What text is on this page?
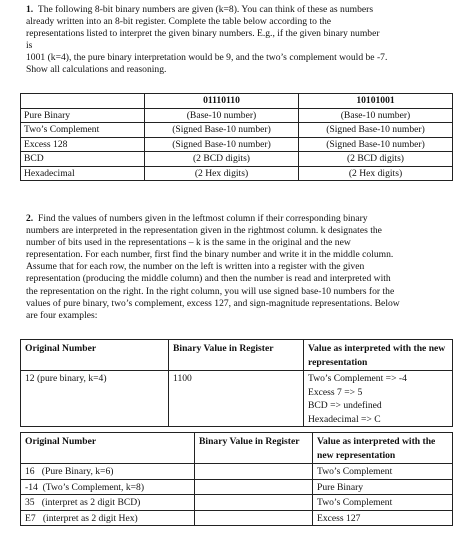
1. The following 8-bit binary numbers are given (k=8). You can think of these as numbers

already written into an 8-bit register. Complete the table below according to the

representations listed to interpret the given binary numbers. E.g., if the given binary number

is

1001 (k=4), the pure binary interpretation would be 9, and the two’s complement would be -7.

Show all calculations and reasoning.

	01110110	10101001
Pure Binary	(Base-10 number)	(Base-10 number)
Two’s Complement	(Signed Base-10 number)	(Signed Base-10 number)
Excess 128	(Signed Base-10 number)	(Signed Base-10 number)
BCD	(2 BCD digits)	(2 BCD digits)
Hexadecimal	(2 Hex digits)	(2 Hex digits)

2. Find the values of numbers given in the leftmost column if their corresponding binary

numbers are interpreted in the representation given in the rightmost column. k designates the

number of bits used in the representations – k is the same in the original and the new

representation. For each number, first find the binary number and write it in the middle column.

Assume that for each row, the number on the left is written into a register with the given

representation (producing the middle column) and then the number is read and interpreted with

the representation on the right. In the right column, you will use signed base-10 numbers for the

values of pure binary, two’s complement, excess 127, and sign-magnitude representations. Below

are four examples:

Original Number	Binary Value in Register	Value as interpreted with the new representation
12 (pure binary, k=4)	1100	Two’s Complement => -4
Excess 7 => 5
BCD => undefined
Hexadecimal => C
Original Number	Binary Value in Register	Value as interpreted with the new representation
16   (Pure Binary, k=6)		Two’s Complement
-14  (Two’s Complement, k=8)		Pure Binary
35   (interpret as 2 digit BCD)		Two’s Complement
E7   (interpret as 2 digit Hex)		Excess 127
